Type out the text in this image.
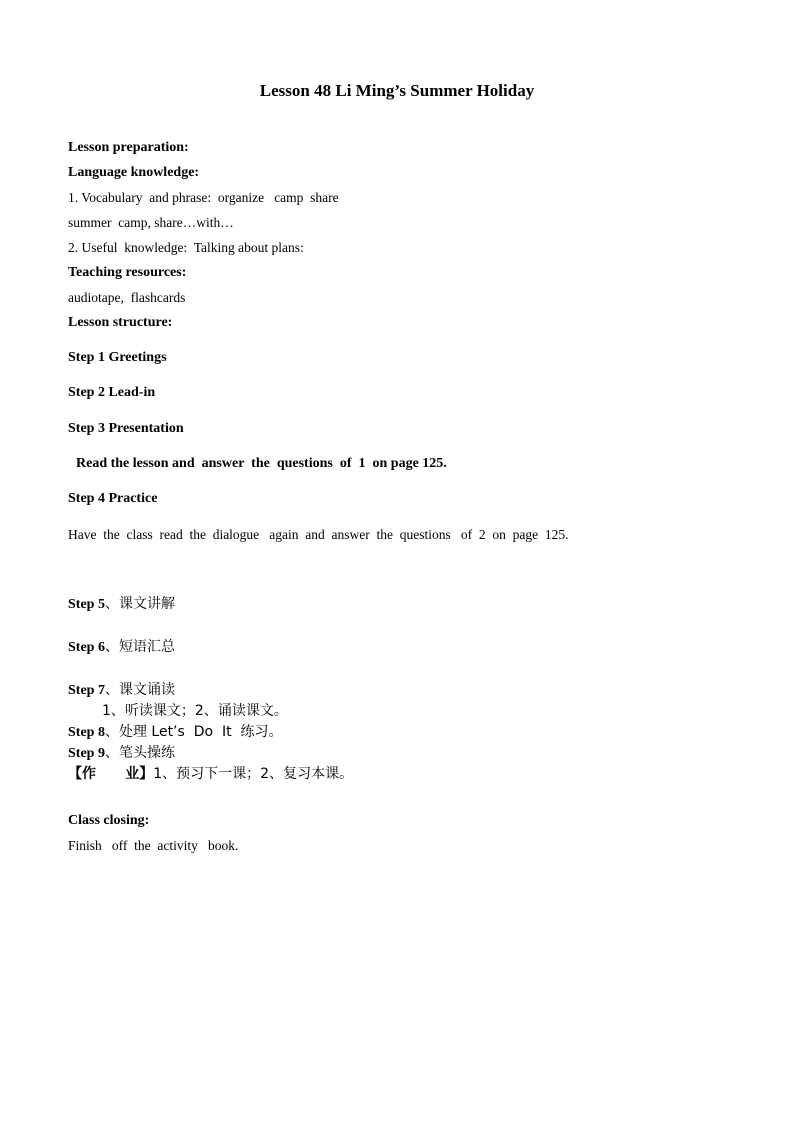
Lesson 48 Li Ming’s Summer Holiday
Lesson preparation:
Language knowledge:
1. Vocabulary  and phrase:  organize   camp  share
summer  camp, share…with…
2. Useful  knowledge:  Talking about plans:
Teaching resources:
audiotape,  flashcards
Lesson structure:
Step 1 Greetings
Step 2 Lead-in
Step 3 Presentation
Read the lesson and  answer  the  questions  of  1  on page 125.
Step 4 Practice
Have  the  class  read  the  dialogue   again  and  answer  the  questions   of  2  on  page  125.
Step 5、课文讲解
Step 6、短语汇总
Step 7、课文诵读
1、听读课文；2、诵读课文。
Step 8、处理 Let’s  Do  It  练习。
Step 9、笔头操练
【作      业】1、预习下一课；2、复习本课。
Class closing:
Finish   off  the  activity   book.
